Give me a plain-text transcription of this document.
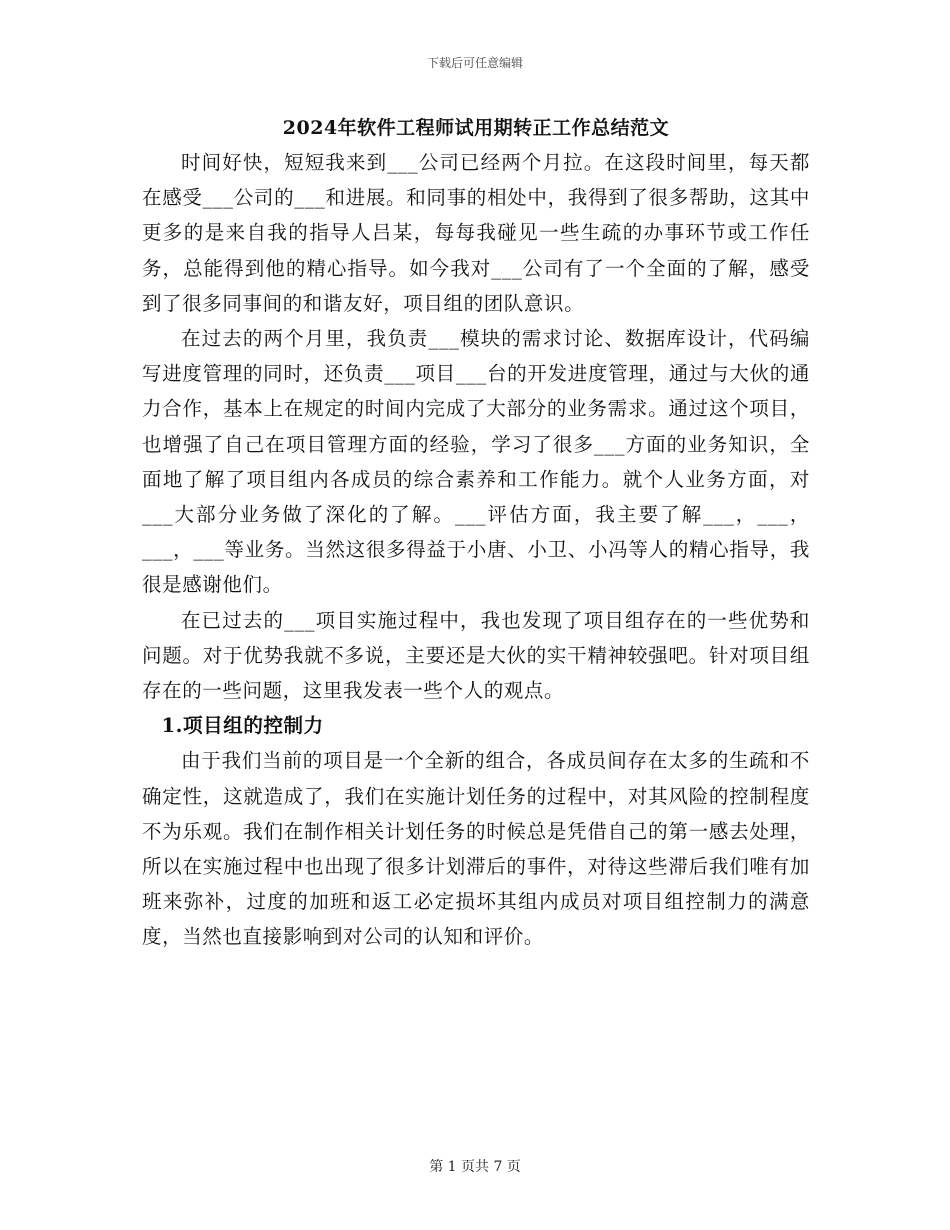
下载后可任意编辑
2024年软件工程师试用期转正工作总结范文

时间好快，短短我来到___公司已经两个月拉。在这段时间里，每天都在感受___公司的___和进展。和同事的相处中，我得到了很多帮助，这其中更多的是来自我的指导人吕某，每每我碰见一些生疏的办事环节或工作任务，总能得到他的精心指导。如今我对___公司有了一个全面的了解，感受到了很多同事间的和谐友好，项目组的团队意识。

在过去的两个月里，我负责___模块的需求讨论、数据库设计，代码编写进度管理的同时，还负责___项目___台的开发进度管理，通过与大伙的通力合作，基本上在规定的时间内完成了大部分的业务需求。通过这个项目，也增强了自己在项目管理方面的经验，学习了很多___方面的业务知识，全面地了解了项目组内各成员的综合素养和工作能力。就个人业务方面，对___大部分业务做了深化的了解。___评估方面，我主要了解___，___，___，___等业务。当然这很多得益于小唐、小卫、小冯等人的精心指导，我很是感谢他们。

在已过去的___项目实施过程中，我也发现了项目组存在的一些优势和问题。对于优势我就不多说，主要还是大伙的实干精神较强吧。针对项目组存在的一些问题，这里我发表一些个人的观点。

1.项目组的控制力

由于我们当前的项目是一个全新的组合，各成员间存在太多的生疏和不确定性，这就造成了，我们在实施计划任务的过程中，对其风险的控制程度不为乐观。我们在制作相关计划任务的时候总是凭借自己的第一感去处理，所以在实施过程中也出现了很多计划滞后的事件，对待这些滞后我们唯有加班来弥补，过度的加班和返工必定损坏其组内成员对项目组控制力的满意度，当然也直接影响到对公司的认知和评价。

第 1 页共 7 页
